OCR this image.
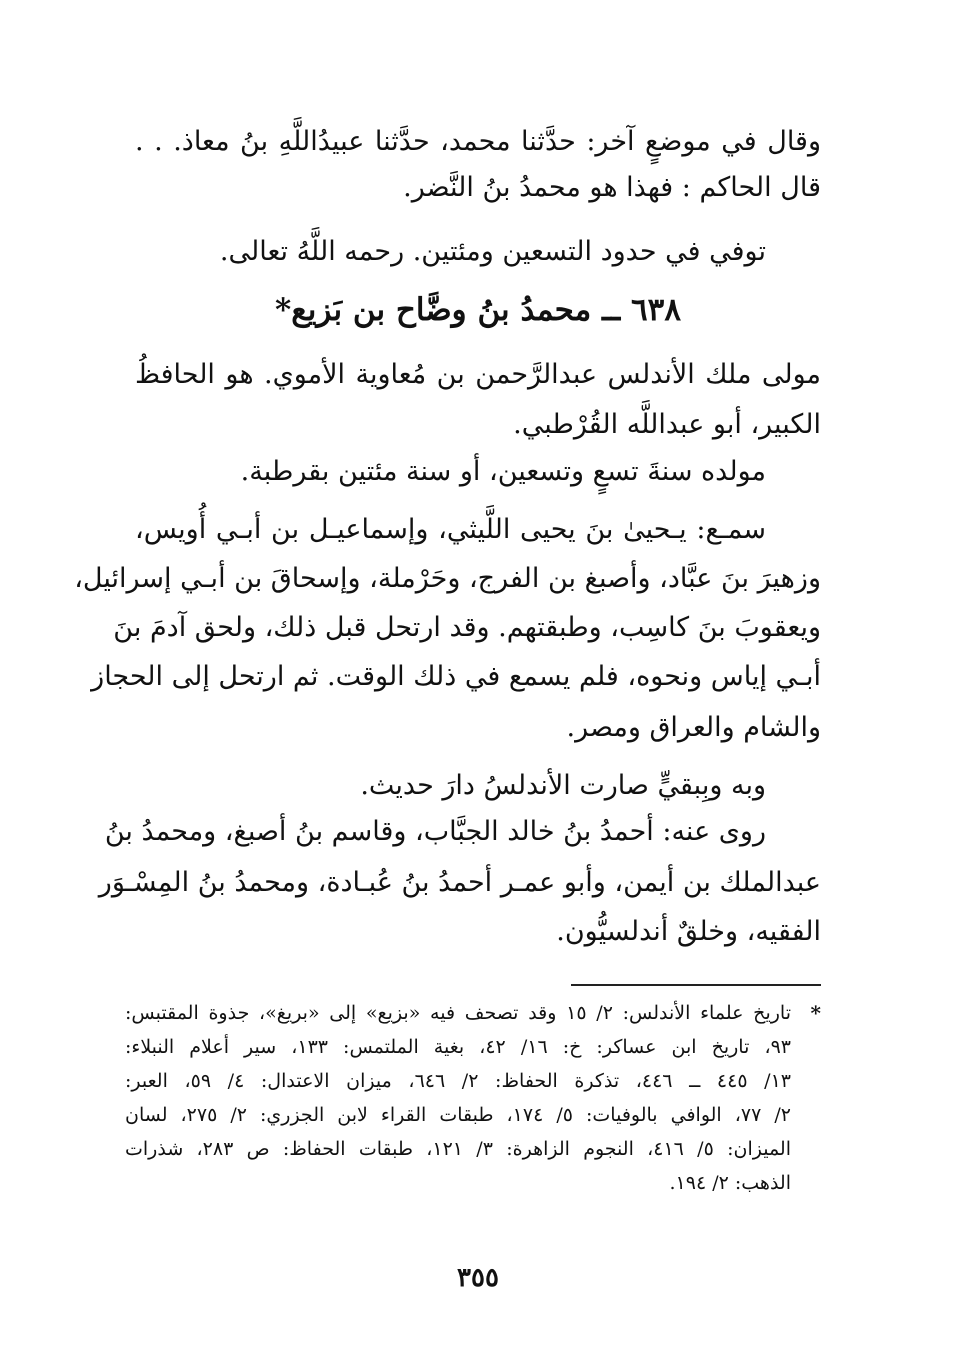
وقال في موضعٍ آخر: حدَّثنا محمد، حدَّثنا عبيدُاللَّهِ بنُ معاذ. . .
قال الحاكم : فهذا هو محمدُ بنُ النَّضر.
توفي في حدود التسعين ومئتين. رحمه اللَّهُ تعالى.
٦٣٨ ــ محمدُ بنُ وضَّاح بن بَزيع*
مولى ملك الأندلس عبدالرَّحمن بن مُعاوية الأموي. هو الحافظُ
الكبير، أبو عبداللَّه القُرْطبي.
مولده سنةَ تسعٍ وتسعين، أو سنة مئتين بقرطبة.
سمـع: يـحيىٰ بنَ يحيى اللَّيثي، وإسماعيـل بن أبـي أُويس،
وزهيرَ بنَ عبَّاد، وأصبغ بن الفرج، وحَرْملة، وإسحاقَ بن أبـي إسرائيل،
ويعقوبَ بنَ كاسِب، وطبقتهم. وقد ارتحل قبل ذلك، ولحق آدمَ بنَ
أبـي إياس ونحوه، فلم يسمع في ذلك الوقت. ثم ارتحل إلى الحجاز
والشام والعراق ومصر.
وبه وبِبقيٍّ صارت الأندلسُ دارَ حديث.
روى عنه: أحمدُ بنُ خالد الجبَّاب، وقاسم بنُ أصبغ، ومحمدُ بنُ
عبدالملك بن أيمن، وأبو عمـر أحمدُ بنُ عُبـادة، ومحمدُ بنُ المِسْـوَر
الفقيه، وخلقٌ أندلسيُّون.
*
تاريخ علماء الأندلس: ٢/ ١٥ وقد تصحف فيه «بزيع» إلى «بريغ»، جذوة المقتبس:
٩٣، تاريخ ابن عساكر: خ: ١٦/ ٤٢، بغية الملتمس: ١٣٣، سير أعلام النبلاء:
١٣/ ٤٤٥ ــ ٤٤٦، تذكرة الحفاظ: ٢/ ٦٤٦، ميزان الاعتدال: ٤/ ٥٩، العبر:
٢/ ٧٧، الوافي بالوفيات: ٥/ ١٧٤، طبقات القراء لابن الجزري: ٢/ ٢٧٥، لسان
الميزان: ٥/ ٤١٦، النجوم الزاهرة: ٣/ ١٢١، طبقات الحفاظ: ص ٢٨٣، شذرات
الذهب: ٢/ ١٩٤.
٣٥٥
